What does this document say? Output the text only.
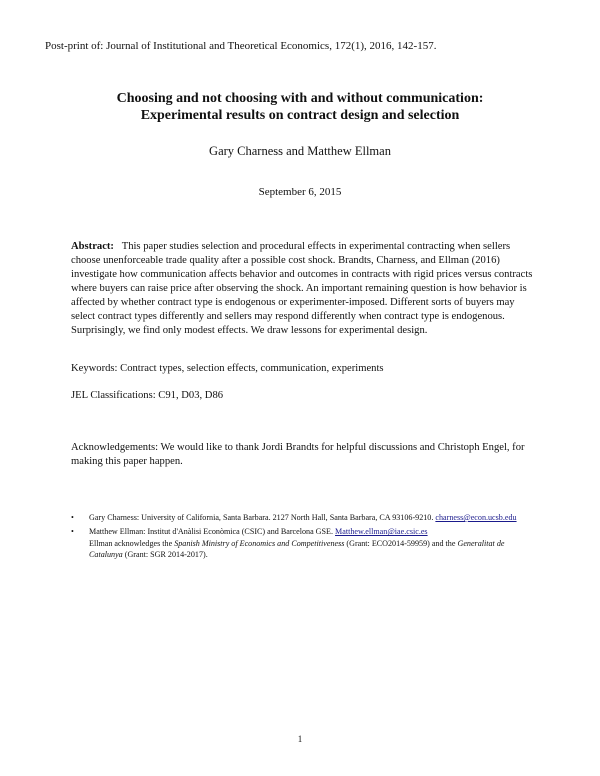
Post-print of: Journal of Institutional and Theoretical Economics, 172(1), 2016, 142-157.
Choosing and not choosing with and without communication:
Experimental results on contract design and selection
Gary Charness and Matthew Ellman
September 6, 2015

Abstract: This paper studies selection and procedural effects in experimental contracting when sellers choose unenforceable trade quality after a possible cost shock. Brandts, Charness, and Ellman (2016) investigate how communication affects behavior and outcomes in contracts with rigid prices versus contracts where buyers can raise price after observing the shock. An important remaining question is how behavior is affected by whether contract type is endogenous or experimenter-imposed. Different sorts of buyers may select contract types differently and sellers may respond differently when contract type is endogenous. Surprisingly, we find only modest effects. We draw lessons for experimental design.

Keywords: Contract types, selection effects, communication, experiments
JEL Classifications: C91, D03, D86

Acknowledgements: We would like to thank Jordi Brandts for helpful discussions and Christoph Engel, for making this paper happen.

• Gary Charness: University of California, Santa Barbara. 2127 North Hall, Santa Barbara, CA 93106-9210. charness@econ.ucsb.edu
• Matthew Ellman: Institut d'Anàlisi Econòmica (CSIC) and Barcelona GSE. Matthew.ellman@iae.csic.es
Ellman acknowledges the Spanish Ministry of Economics and Competitiveness (Grant: ECO2014-59959) and the Generalitat de Catalunya (Grant: SGR 2014-2017).
1
